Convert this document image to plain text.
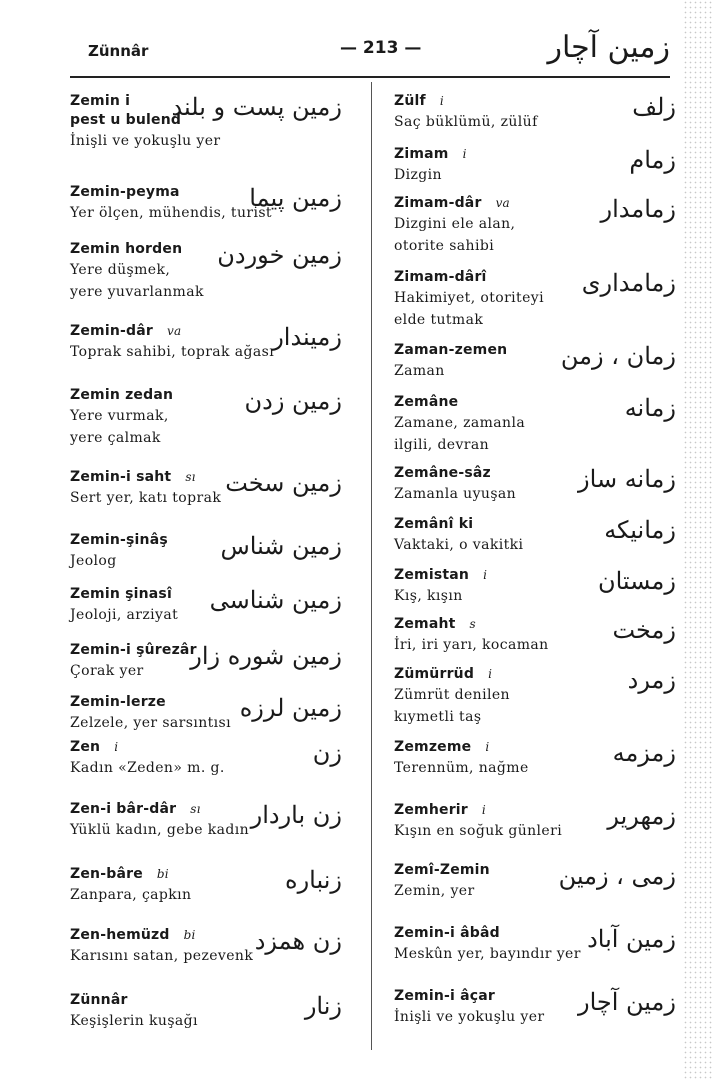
Zünnâr	— 213 —	زمین آچار
Zemin i
pest u bulend
İnişli ve yokuşlu yer
زمین پست و بلند
Zemin-peyma
Yer ölçen, mühendis, turist
زمین پیما
Zemin horden
Yere düşmek,
yere yuvarlanmak
زمین خوردن
Zemin-dâr va
Toprak sahibi, toprak ağası
زمیندار
Zemin zedan
Yere vurmak,
yere çalmak
زمین زدن
Zemin-i saht sı
Sert yer, katı toprak
زمین سخت
Zemin-şinâş
Jeolog
زمین شناس
Zemin şinasî
Jeoloji, arziyat
زمین شناسی
Zemin-i şûrezâr
Çorak yer
زمین شوره زار
Zemin-lerze
Zelzele, yer sarsıntısı
زمین لرزه
Zen i
Kadın «Zeden» m. g.
زن
Zen-i bâr-dâr sı
Yüklü kadın, gebe kadın
زن باردار
Zen-bâre bi
Zanpara, çapkın
زنباره
Zen-hemüzd bi
Karısını satan, pezevenk
زن همزد
Zünnâr
Keşişlerin kuşağı
زنار
Zülf i
Saç büklümü, zülüf
زلف
Zimam i
Dizgin
زمام
Zimam-dâr va
Dizgini ele alan,
otorite sahibi
زمامدار
Zimam-dârî
Hakimiyet, otoriteyi
elde tutmak
زمامداری
Zaman-zemen
Zaman
زمان ، زمن
Zemâne
Zamane, zamanla
ilgili, devran
زمانه
Zemâne-sâz
Zamanla uyuşan
زمانه ساز
Zemânî ki
Vaktaki, o vakitki
زمانیکه
Zemistan i
Kış, kışın
زمستان
Zemaht s
İri, iri yarı, kocaman
زمخت
Zümürrüd i
Zümrüt denilen
kıymetli taş
زمرد
Zemzeme i
Terennüm, nağme
زمزمه
Zemherir i
Kışın en soğuk günleri
زمهریر
Zemî-Zemin
Zemin, yer
زمی ، زمین
Zemin-i âbâd
Meskûn yer, bayındır yer
زمین آباد
Zemin-i âçar
İnişli ve yokuşlu yer
زمین آچار
